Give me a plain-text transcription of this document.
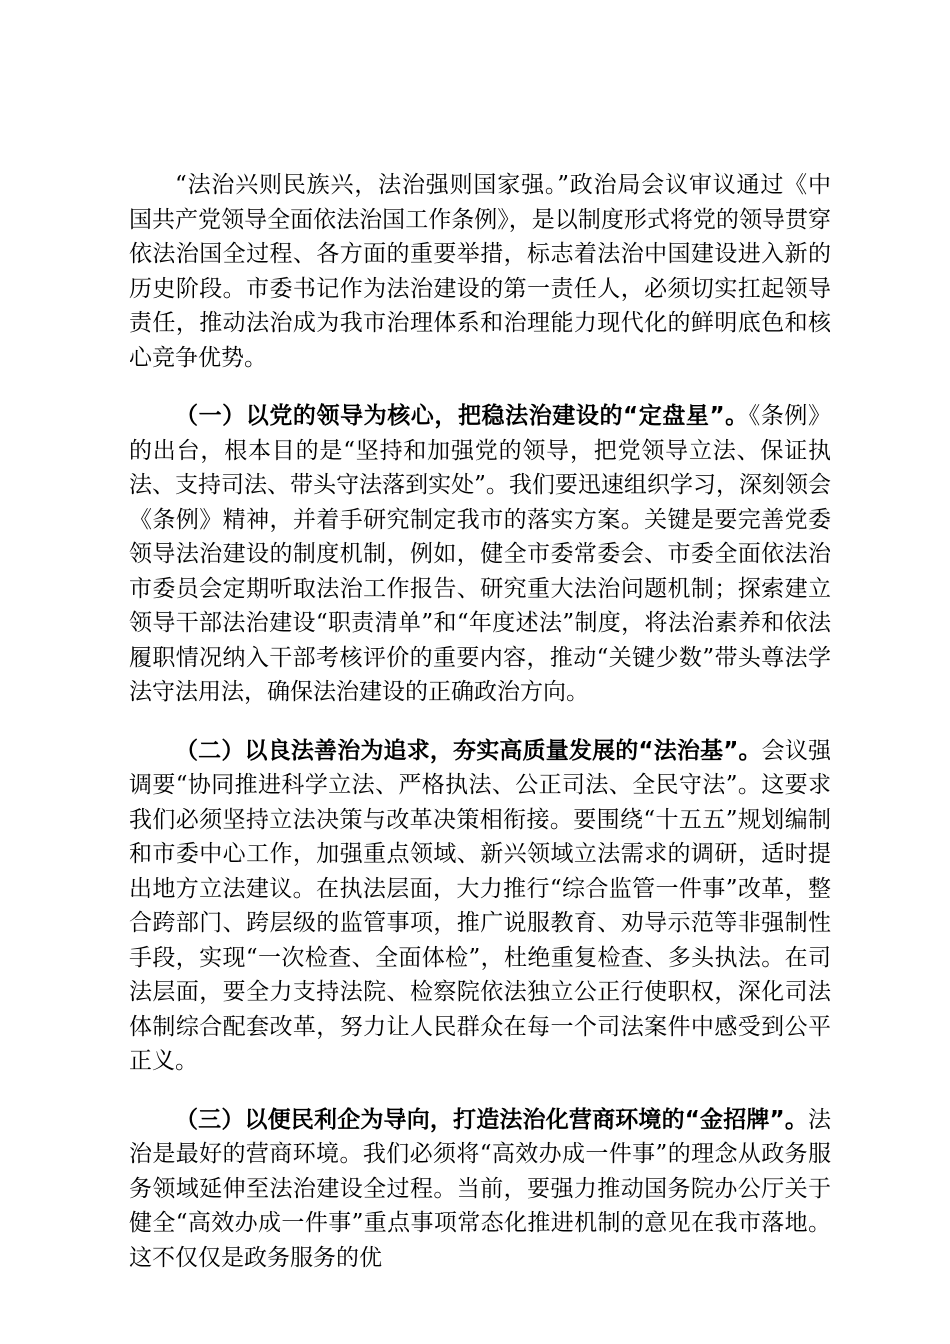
“法治兴则民族兴，法治强则国家强。”政治局会议审议通过《中国共产党领导全面依法治国工作条例》，是以制度形式将党的领导贯穿依法治国全过程、各方面的重要举措，标志着法治中国建设进入新的历史阶段。市委书记作为法治建设的第一责任人，必须切实扛起领导责任，推动法治成为我市治理体系和治理能力现代化的鲜明底色和核心竞争优势。

（一）以党的领导为核心，把稳法治建设的“定盘星”。《条例》的出台，根本目的是“坚持和加强党的领导，把党领导立法、保证执法、支持司法、带头守法落到实处”。我们要迅速组织学习，深刻领会《条例》精神，并着手研究制定我市的落实方案。关键是要完善党委领导法治建设的制度机制，例如，健全市委常委会、市委全面依法治市委员会定期听取法治工作报告、研究重大法治问题机制；探索建立领导干部法治建设“职责清单”和“年度述法”制度，将法治素养和依法履职情况纳入干部考核评价的重要内容，推动“关键少数”带头尊法学法守法用法，确保法治建设的正确政治方向。

（二）以良法善治为追求，夯实高质量发展的“法治基”。会议强调要“协同推进科学立法、严格执法、公正司法、全民守法”。这要求我们必须坚持立法决策与改革决策相衔接。要围绕“十五五”规划编制和市委中心工作，加强重点领域、新兴领域立法需求的调研，适时提出地方立法建议。在执法层面，大力推行“综合监管一件事”改革，整合跨部门、跨层级的监管事项，推广说服教育、劝导示范等非强制性手段，实现“一次检查、全面体检”，杜绝重复检查、多头执法。在司法层面，要全力支持法院、检察院依法独立公正行使职权，深化司法体制综合配套改革，努力让人民群众在每一个司法案件中感受到公平正义。

（三）以便民利企为导向，打造法治化营商环境的“金招牌”。法治是最好的营商环境。我们必须将“高效办成一件事”的理念从政务服务领域延伸至法治建设全过程。当前，要强力推动国务院办公厅关于健全“高效办成一件事”重点事项常态化推进机制的意见在我市落地。这不仅仅是政务服务的优
